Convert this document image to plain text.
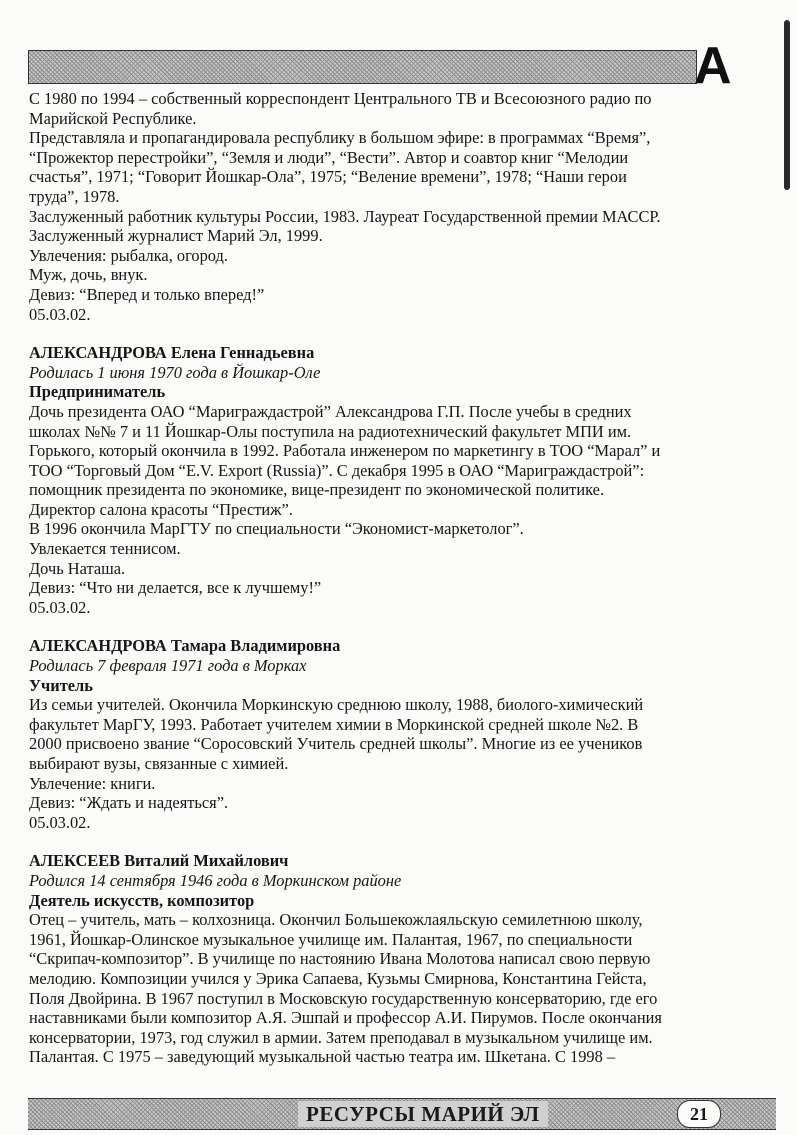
А
С 1980 по 1994 – собственный корреспондент Центрального ТВ и Всесоюзного радио по
Марийской Республике.
Представляла и пропагандировала республику в большом эфире: в программах “Время”,
“Прожектор перестройки”, “Земля и люди”, “Вести”. Автор и соавтор книг “Мелодии
счастья”, 1971; “Говорит Йошкар-Ола”, 1975; “Веление времени”, 1978; “Наши герои
труда”, 1978.
Заслуженный работник культуры России, 1983. Лауреат Государственной премии МАССР.
Заслуженный журналист Марий Эл, 1999.
Увлечения: рыбалка, огород.
Муж, дочь, внук.
Девиз: “Вперед и только вперед!”
05.03.02.
АЛЕКСАНДРОВА Елена Геннадьевна
Родилась 1 июня 1970 года в Йошкар-Оле
Предприниматель
Дочь президента ОАО “Мариграждастрой” Александрова Г.П. После учебы в средних
школах №№ 7 и 11 Йошкар-Олы поступила на радиотехнический факультет МПИ им.
Горького, который окончила в 1992. Работала инженером по маркетингу в ТОО “Марал” и
ТОО “Торговый Дом “E.V. Export (Russia)”. С декабря 1995 в ОАО “Мариграждастрой”:
помощник президента по экономике, вице-президент по экономической политике.
Директор салона красоты “Престиж”.
В 1996 окончила МарГТУ по специальности “Экономист-маркетолог”.
Увлекается теннисом.
Дочь Наташа.
Девиз: “Что ни делается, все к лучшему!”
05.03.02.
АЛЕКСАНДРОВА Тамара Владимировна
Родилась 7 февраля 1971 года в Морках
Учитель
Из семьи учителей. Окончила Моркинскую среднюю школу, 1988, биолого-химический
факультет МарГУ, 1993. Работает учителем химии в Моркинской средней школе №2. В
2000 присвоено звание “Соросовский Учитель средней школы”. Многие из ее учеников
выбирают вузы, связанные с химией.
Увлечение: книги.
Девиз: “Ждать и надеяться”.
05.03.02.
АЛЕКСЕЕВ Виталий Михайлович
Родился 14 сентября 1946 года в Моркинском районе
Деятель искусств, композитор
Отец – учитель, мать – колхозница. Окончил Большекожлаяльскую семилетнюю школу,
1961, Йошкар-Олинское музыкальное училище им. Палантая, 1967, по специальности
“Скрипач-композитор”. В училище по настоянию Ивана Молотова написал свою первую
мелодию. Композиции учился у Эрика Сапаева, Кузьмы Смирнова, Константина Гейста,
Поля Двойрина. В 1967 поступил в Московскую государственную консерваторию, где его
наставниками были композитор А.Я. Эшпай и профессор А.И. Пирумов. После окончания
консерватории, 1973, год служил в армии. Затем преподавал в музыкальном училище им.
Палантая. С 1975 – заведующий музыкальной частью театра им. Шкетана. С 1998 –
РЕСУРСЫ МАРИЙ ЭЛ	21
